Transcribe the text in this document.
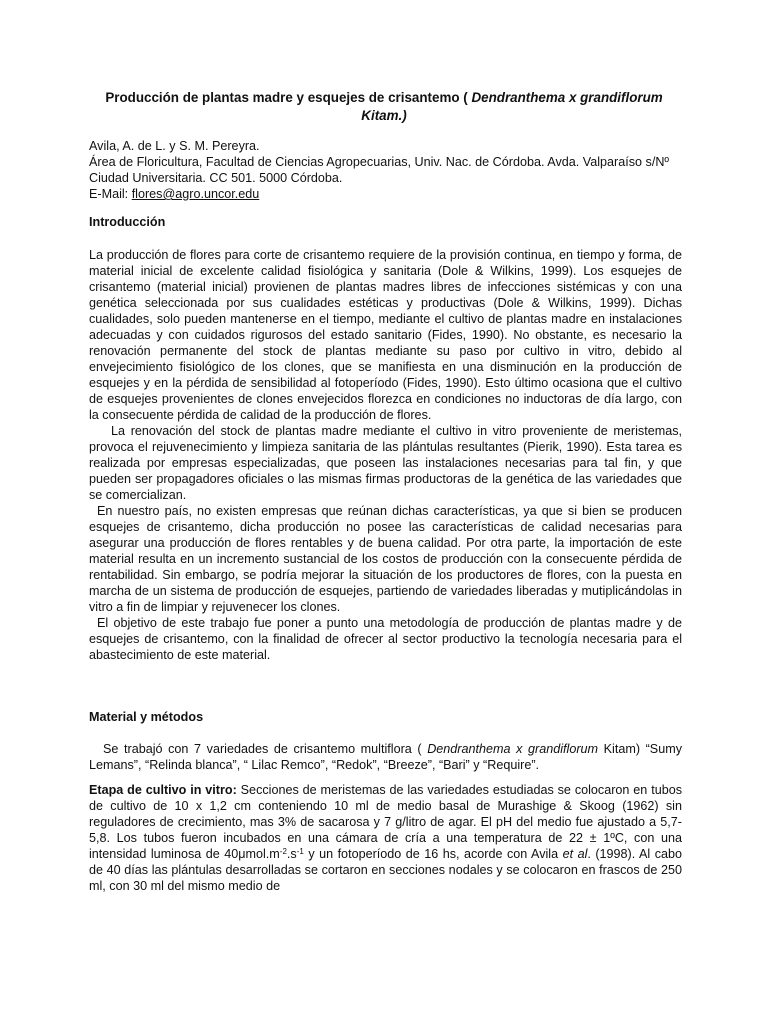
Producción de plantas madre y esquejes de crisantemo ( Dendranthema x grandiflorum Kitam.)
Avila, A. de L. y S. M. Pereyra.
Área de Floricultura, Facultad de Ciencias Agropecuarias, Univ. Nac. de Córdoba. Avda. Valparaíso s/Nº Ciudad Universitaria. CC 501. 5000 Córdoba.
E-Mail: flores@agro.uncor.edu
Introducción

La producción de flores para corte de crisantemo requiere de la provisión continua, en tiempo y forma, de material inicial de excelente calidad fisiológica y sanitaria (Dole & Wilkins, 1999). Los esquejes de crisantemo (material inicial) provienen de plantas madres libres de infecciones sistémicas y con una genética seleccionada por sus cualidades estéticas y productivas (Dole & Wilkins, 1999). Dichas cualidades, solo pueden mantenerse en el tiempo, mediante el cultivo de plantas madre en instalaciones adecuadas y con cuidados rigurosos del estado sanitario (Fides, 1990). No obstante, es necesario la renovación permanente del stock de plantas mediante su paso por cultivo in vitro, debido al envejecimiento fisiológico de los clones, que se manifiesta en una disminución en la producción de esquejes y en la pérdida de sensibilidad al fotoperíodo (Fides, 1990). Esto último ocasiona que el cultivo de esquejes provenientes de clones envejecidos florezca en condiciones no inductoras de día largo, con la consecuente pérdida de calidad de la producción de flores.

La renovación del stock de plantas madre mediante el cultivo in vitro proveniente de meristemas, provoca el rejuvenecimiento y limpieza sanitaria de las plántulas resultantes (Pierik, 1990). Esta tarea es realizada por empresas especializadas, que poseen las instalaciones necesarias para tal fin, y que pueden ser propagadores oficiales o las mismas firmas productoras de la genética de las variedades que se comercializan.

En nuestro país, no existen empresas que reúnan dichas características, ya que si bien se producen esquejes de crisantemo, dicha producción no posee las características de calidad necesarias para asegurar una producción de flores rentables y de buena calidad. Por otra parte, la importación de este material resulta en un incremento sustancial de los costos de producción con la consecuente pérdida de rentabilidad. Sin embargo, se podría mejorar la situación de los productores de flores, con la puesta en marcha de un sistema de producción de esquejes, partiendo de variedades liberadas y mutiplicándolas in vitro a fin de limpiar y rejuvenecer los clones.

El objetivo de este trabajo fue poner a punto una metodología de producción de plantas madre y de esquejes de crisantemo, con la finalidad de ofrecer al sector productivo la tecnología necesaria para el abastecimiento de este material.

Material y métodos

Se trabajó con 7 variedades de crisantemo multiflora ( Dendranthema x grandiflorum Kitam) “Sumy Lemans”, “Relinda blanca”, “ Lilac Remco”, “Redok”, “Breeze”, “Bari” y “Require”.

Etapa de cultivo in vitro: Secciones de meristemas de las variedades estudiadas se colocaron en tubos de cultivo de 10 x 1,2 cm conteniendo 10 ml de medio basal de Murashige & Skoog (1962) sin reguladores de crecimiento, mas 3% de sacarosa y 7 g/litro de agar. El pH del medio fue ajustado a 5,7- 5,8. Los tubos fueron incubados en una cámara de cría a una temperatura de 22 ± 1ºC, con una intensidad luminosa de $40\mu mol.m^{-2}.s^{-1}$ y un fotoperíodo de 16 hs, acorde con Avila et al. (1998). Al cabo de 40 días las plántulas desarrolladas se cortaron en secciones nodales y se colocaron en frascos de 250 ml, con 30 ml del mismo medio de
